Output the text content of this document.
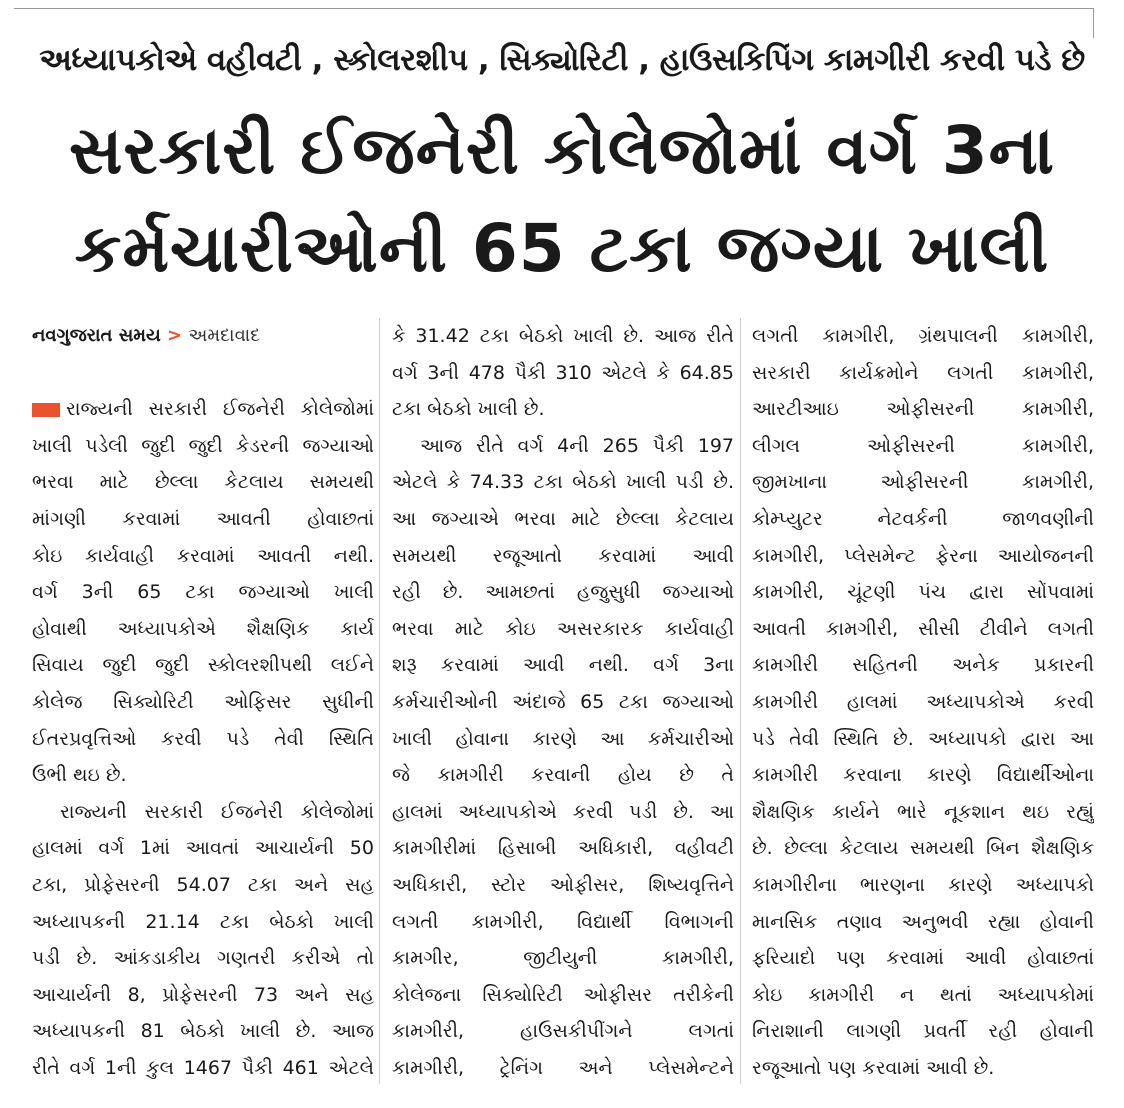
અધ્યાપકોએ વહીવટી , સ્કોલરશીપ , સિક્યોરિટી , હાઉસકિપિંગ કામગીરી કરવી પડે છે
સરકારી ઈજનેરી કોલેજોમાં વર્ગ 3ના
કર્મચારીઓની 65 ટકા જગ્યા ખાલી
નવગુજરાત સમય > અમદાવાદ
રાજ્યની સરકારી ઈજનેરી કોલેજોમાં
ખાલી પડેલી જુદી જુદી કેડરની જગ્યાઓ
ભરવા માટે છેલ્લા કેટલાય સમયથી
માંગણી કરવામાં આવતી હોવાછતાં
કોઇ કાર્યવાહી કરવામાં આવતી નથી.
વર્ગ 3ની 65 ટકા જગ્યાઓ ખાલી
હોવાથી અધ્યાપકોએ શૈક્ષણિક કાર્ય
સિવાય જુદી જુદી સ્કોલરશીપથી લઈને
કોલેજ સિક્યોરિટી ઓફિસર સુધીની
ઈતરપ્રવૃત્તિઓ કરવી પડે તેવી સ્થિતિ
ઉભી થઇ છે.
રાજ્યની સરકારી ઈજનેરી કોલેજોમાં
હાલમાં વર્ગ 1માં આવતાં આચાર્યની 50
ટકા, પ્રોફેસરની 54.07 ટકા અને સહ
અધ્યાપકની 21.14 ટકા બેઠકો ખાલી
પડી છે. આંકડાકીય ગણતરી કરીએ તો
આચાર્યની 8, પ્રોફેસરની 73 અને સહ
અધ્યાપકની 81 બેઠકો ખાલી છે. આજ
રીતે વર્ગ 1ની કુલ 1467 પૈકી 461 એટલે
કે 31.42 ટકા બેઠકો ખાલી છે. આજ રીતે
વર્ગ 3ની 478 પૈકી 310 એટલે કે 64.85
ટકા બેઠકો ખાલી છે.
આજ રીતે વર્ગ 4ની 265 પૈકી 197
એટલે કે 74.33 ટકા બેઠકો ખાલી પડી છે.
આ જગ્યાએ ભરવા માટે છેલ્લા કેટલાય
સમયથી રજૂઆતો કરવામાં આવી
રહી છે. આમછતાં હજુસુધી જગ્યાઓ
ભરવા માટે કોઇ અસરકારક કાર્યવાહી
શરૂ કરવામાં આવી નથી. વર્ગ 3ના
કર્મચારીઓની અંદાજે 65 ટકા જગ્યાઓ
ખાલી હોવાના કારણે આ કર્મચારીઓ
જે કામગીરી કરવાની હોય છે તે
હાલમાં અધ્યાપકોએ કરવી પડી છે. આ
કામગીરીમાં હિસાબી અધિકારી, વહીવટી
અધિકારી, સ્ટોર ઓફીસર, શિષ્યવૃત્તિને
લગતી કામગીરી, વિદ્યાર્થી વિભાગની
કામગીર, જીટીયુની કામગીરી,
કોલેજના સિક્યોરિટી ઓફીસર તરીકેની
કામગીરી, હાઉસકીપીંગને લગતાં
કામગીરી, ટ્રેનિંગ અને પ્લેસમેન્ટને
લગતી કામગીરી, ગ્રંથપાલની કામગીરી,
સરકારી કાર્યક્રમોને લગતી કામગીરી,
આરટીઆઇ ઓફીસરની કામગીરી,
લીગલ ઓફીસરની કામગીરી,
જીમખાના ઓફીસરની કામગીરી,
કોમ્પ્યુટર નેટવર્કની જાળવણીની
કામગીરી, પ્લેસમેન્ટ ફેરના આયોજનની
કામગીરી, ચૂંટણી પંચ દ્વારા સોંપવામાં
આવતી કામગીરી, સીસી ટીવીને લગતી
કામગીરી સહિતની અનેક પ્રકારની
કામગીરી હાલમાં અધ્યાપકોએ કરવી
પડે તેવી સ્થિતિ છે. અધ્યાપકો દ્વારા આ
કામગીરી કરવાના કારણે વિદ્યાર્થીઓના
શૈક્ષણિક કાર્યને ભારે નૂકશાન થઇ રહ્યું
છે. છેલ્લા કેટલાય સમયથી બિન શૈક્ષણિક
કામગીરીના ભારણના કારણે અધ્યાપકો
માનસિક તણાવ અનુભવી રહ્યા હોવાની
ફરિયાદો પણ કરવામાં આવી હોવાછતાં
કોઇ કામગીરી ન થતાં અધ્યાપકોમાં
નિરાશાની લાગણી પ્રવર્તી રહી હોવાની
રજૂઆતો પણ કરવામાં આવી છે.
